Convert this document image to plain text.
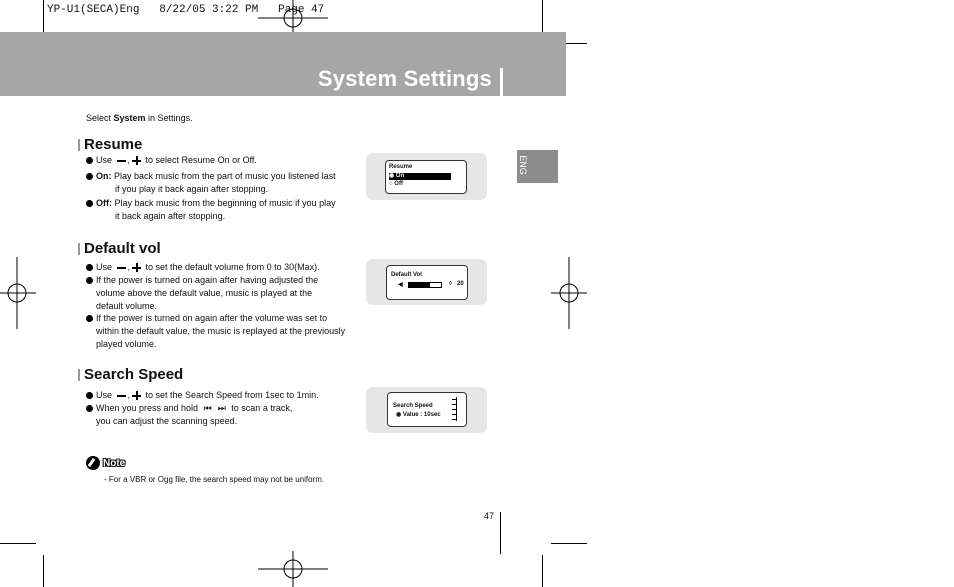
YP-U1(SECA)Eng   8/22/05 3:22 PM   Page 47
System Settings
Select System in Settings.
ENG
Resume
Use , to select Resume On or Off.
On: Play back music from the part of music you listened last
if you play it back again after stopping.
Off: Play back music from the beginning of music if you play
it back again after stopping.
Resume
◉ On
○ Off
Default vol
Use , to set the default volume from 0 to 30(Max).
If the power is turned on again after having adjusted the
volume above the default value, music is played at the
default volume.
If the power is turned on again after the volume was set to
within the default value, the music is replayed at the previously
played volume.
Default Vol
◀	◊ 20
Search Speed
Use , to set the Search Speed from 1sec to 1min.
When you press and hold ⏮ ⏭ to scan a track,
you can adjust the scanning speed.
Search Speed
◉ Value : 10sec
Note
- For a VBR or Ogg file, the search speed may not be uniform.
47
